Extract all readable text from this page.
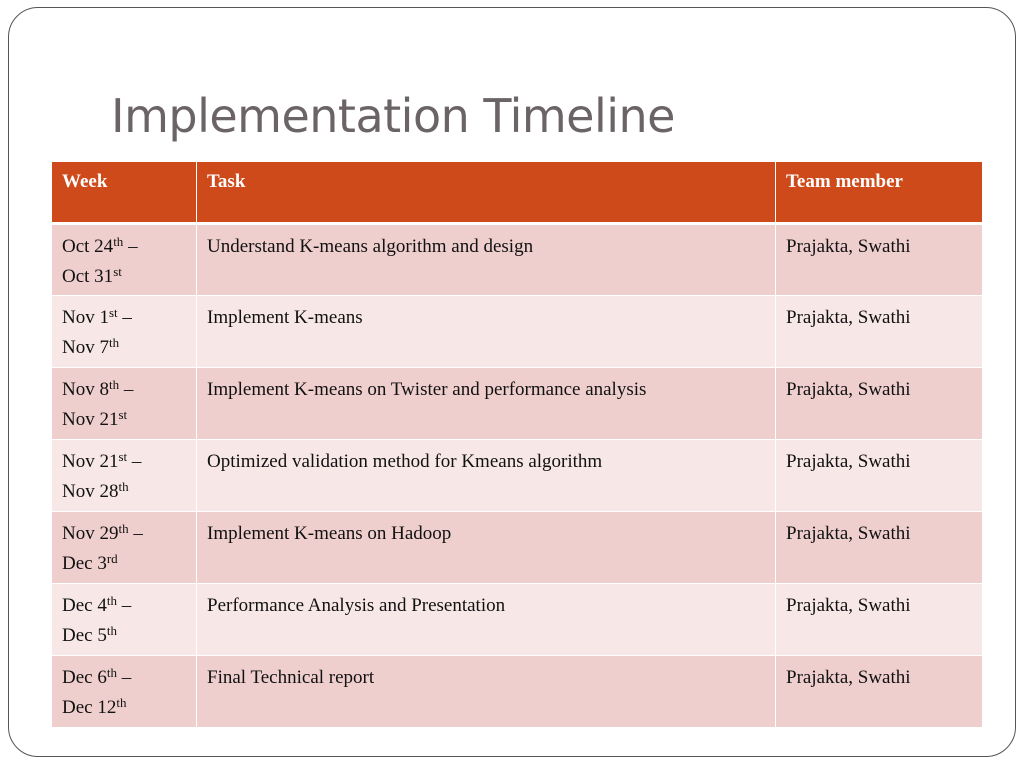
Implementation Timeline
Week	Task	Team member

Oct 24th –
Oct 31st	Understand K-means algorithm and design	Prajakta, Swathi

Nov 1st –
Nov 7th	Implement K-means	Prajakta, Swathi

Nov 8th –
Nov 21st	Implement K-means on Twister and performance analysis	Prajakta, Swathi

Nov 21st –
Nov 28th	Optimized validation method for Kmeans algorithm	Prajakta, Swathi

Nov 29th –
Dec 3rd	Implement K-means on Hadoop	Prajakta, Swathi

Dec 4th –
Dec 5th	Performance Analysis and Presentation	Prajakta, Swathi

Dec 6th –
Dec 12th	Final Technical report	Prajakta, Swathi
